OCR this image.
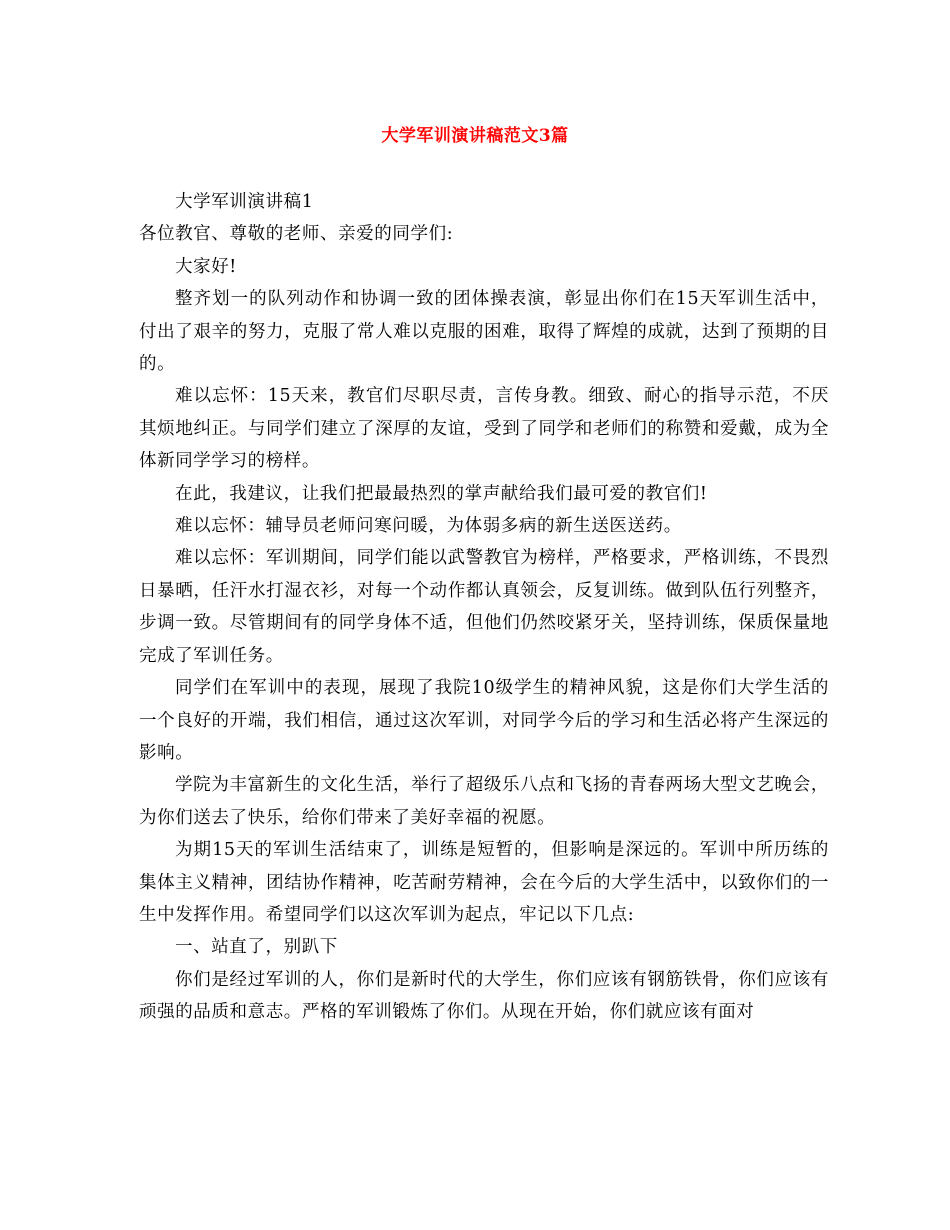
大学军训演讲稿范文3篇

大学军训演讲稿1

各位教官、尊敬的老师、亲爱的同学们:

大家好!

整齐划一的队列动作和协调一致的团体操表演，彰显出你们在15天军训生活中，付出了艰辛的努力，克服了常人难以克服的困难，取得了辉煌的成就，达到了预期的目的。

难以忘怀：15天来，教官们尽职尽责，言传身教。细致、耐心的指导示范，不厌其烦地纠正。与同学们建立了深厚的友谊，受到了同学和老师们的称赞和爱戴，成为全体新同学学习的榜样。

在此，我建议，让我们把最最热烈的掌声献给我们最可爱的教官们!

难以忘怀：辅导员老师问寒问暖，为体弱多病的新生送医送药。

难以忘怀：军训期间，同学们能以武警教官为榜样，严格要求，严格训练，不畏烈日暴晒，任汗水打湿衣衫，对每一个动作都认真领会，反复训练。做到队伍行列整齐，步调一致。尽管期间有的同学身体不适，但他们仍然咬紧牙关，坚持训练，保质保量地完成了军训任务。

同学们在军训中的表现，展现了我院10级学生的精神风貌，这是你们大学生活的一个良好的开端，我们相信，通过这次军训，对同学今后的学习和生活必将产生深远的影响。

学院为丰富新生的文化生活，举行了超级乐八点和飞扬的青春两场大型文艺晚会，为你们送去了快乐，给你们带来了美好幸福的祝愿。

为期15天的军训生活结束了，训练是短暂的，但影响是深远的。军训中所历练的集体主义精神，团结协作精神，吃苦耐劳精神，会在今后的大学生活中，以致你们的一生中发挥作用。希望同学们以这次军训为起点，牢记以下几点:

一、站直了，别趴下

你们是经过军训的人，你们是新时代的大学生，你们应该有钢筋铁骨，你们应该有顽强的品质和意志。严格的军训锻炼了你们。从现在开始，你们就应该有面对
